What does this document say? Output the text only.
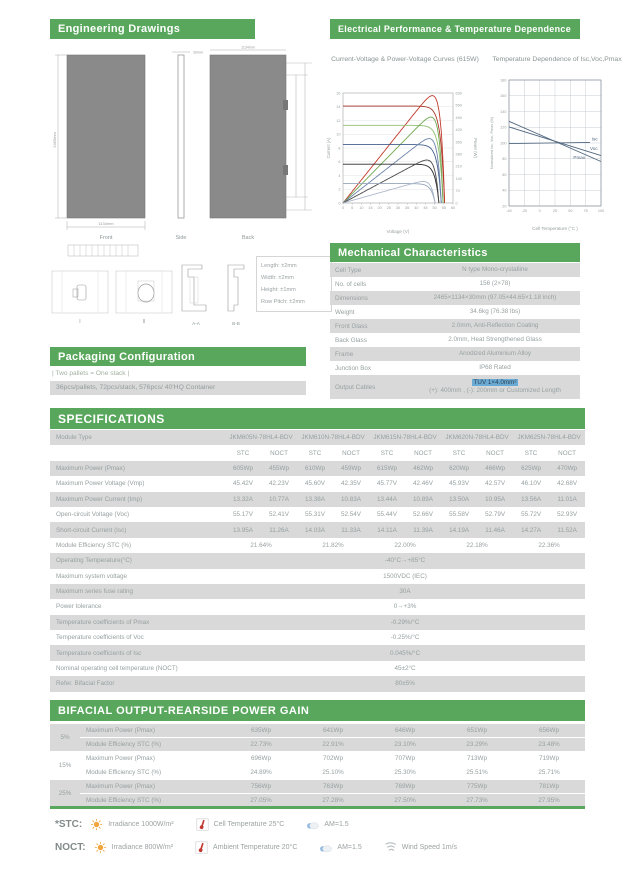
Engineering Drawings	Electrical Performance & Temperature Dependence
2465mm
1134mm
Front
30mm
Side
1134mm
Back
I	II	A-A	B-B
Length: ±2mm
Width: ±2mm
Height: ±1mm
Row Pitch: ±2mm
Current-Voltage & Power-Voltage Curves (615W)	Temperature Dependence of Isc,Voc,Pmax
0
2
4
6
8
10
12
14
16
0
70
140
210
280
350
420
490
560
630
0 5 10 15 20 25 30 35 40 45 50 55 60
Voltage (V)
Current (A)	Power (W)
20
40
60
80
100
120
140
160
180
-40	-20	0	25	50	75	100
Isc
Voc
Pmax
Cell Temperature (°C )
Normalized Isc, Voc, Pmax (%)
Mechanical Characteristics
Cell Type	N type Mono-crystalline
No. of cells	156 (2×78)
Dimensions	2465×1134×30mm (97.05×44.65×1.18 inch)
Weight	34.6kg (76.38 lbs)
Front Glass	2.0mm, Anti-Reflection Coating
Back Glass	2.0mm, Heat Strengthened Glass
Frame	Anodized Aluminium Alloy
Junction Box	IP68 Rated
Output Cables
TUV 1×4.0mm²
(+): 400mm , (-): 200mm or Customized Length
Packaging Configuration
| Two pallets = One stack |
36pcs/pallets, 72pcs/stack, 576pcs/ 40'HQ Container
SPECIFICATIONS
Module Type	JKM605N-78HL4-BDV		JKM610N-78HL4-BDV		JKM615N-78HL4-BDV		JKM620N-78HL4-BDV		JKM625N-78HL4-BDV	
	STC	NOCT	STC	NOCT	STC	NOCT	STC	NOCT	STC	NOCT
Maximum Power (Pmax)	605Wp	455Wp	610Wp	459Wp	615Wp	462Wp	620Wp	466Wp	625Wp	470Wp
Maximum Power Voltage (Vmp)	45.42V	42.23V	45.60V	42.35V	45.77V	42.46V	45.93V	42.57V	46.10V	42.68V
Maximum Power Current (Imp)	13.32A	10.77A	13.38A	10.83A	13.44A	10.89A	13.50A	10.95A	13.56A	11.01A
Open-circuit Voltage (Voc)	55.17V	52.41V	55.31V	52.54V	55.44V	52.66V	55.58V	52.79V	55.72V	52.93V
Short-circuit Current (Isc)	13.95A	11.26A	14.03A	11.33A	14.11A	11.39A	14.19A	11.46A	14.27A	11.52A
Module Efficiency STC (%)	21.64%		21.82%		22.00%		22.18%		22.36%	
Operating Temperature(°C)	-40°C→+85°C									
Maximum system voltage	1500VDC (IEC)									
Maximum series fuse rating	30A									
Power tolerance	0→+3%									
Temperature coefficients of Pmax	-0.29%/°C									
Temperature coefficients of Voc	-0.25%/°C									
Temperature coefficients of Isc	0.045%/°C									
Nominal operating cell temperature (NOCT)	45±2°C									
Refer. Bifacial Factor	80±5%									
BIFACIAL OUTPUT-REARSIDE POWER GAIN
5%	Maximum Power (Pmax)	635Wp	641Wp	646Wp	651Wp	656Wp
	Module Efficiency STC (%)	22.73%	22.91%	23.10%	23.29%	23.48%
15%	Maximum Power (Pmax)	696Wp	702Wp	707Wp	713Wp	719Wp
	Module Efficiency STC (%)	24.89%	25.10%	25.30%	25.51%	25.71%
25%	Maximum Power (Pmax)	756Wp	763Wp	769Wp	775Wp	781Wp
	Module Efficiency STC (%)	27.05%	27.28%	27.50%	27.73%	27.95%
*STC:	Irradiance 1000W/m²	Cell Temperature 25°C	AM=1.5
NOCT:	Irradiance 800W/m²	Ambient Temperature 20°C	AM=1.5	Wind Speed 1m/s
